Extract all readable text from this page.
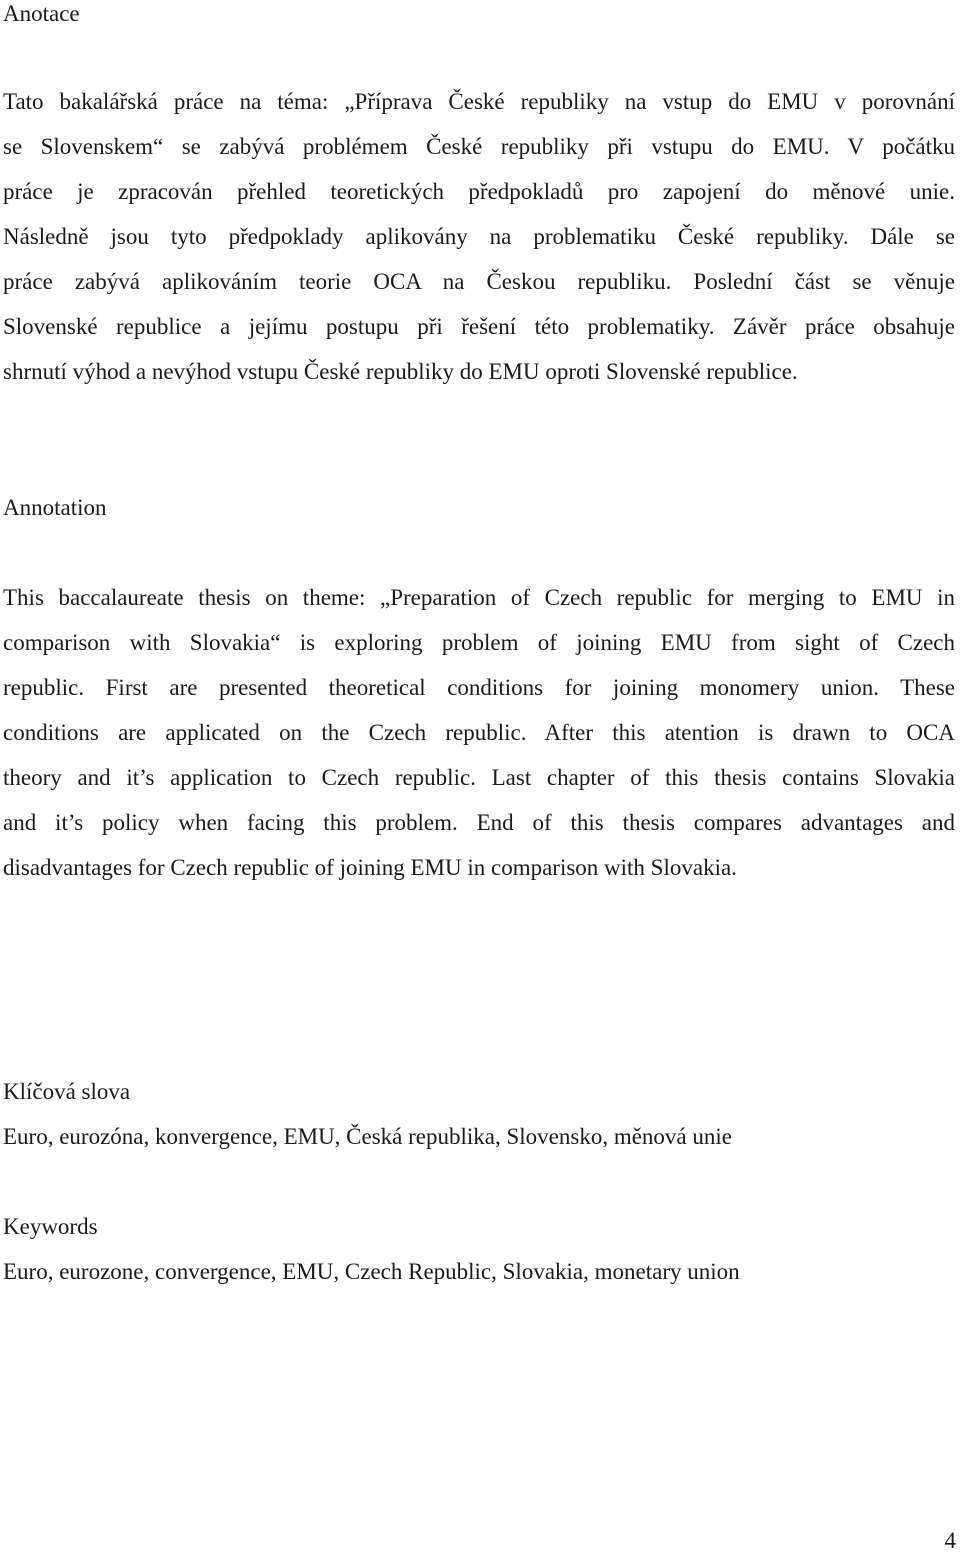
Anotace
Tato bakalářská práce na téma: „Příprava České republiky na vstup do EMU v porovnání
se Slovenskem“ se zabývá problémem České republiky při vstupu do EMU. V počátku
práce je zpracován přehled teoretických předpokladů pro zapojení do měnové unie.
Následně jsou tyto předpoklady aplikovány na problematiku České republiky. Dále se
práce zabývá aplikováním teorie OCA na Českou republiku. Poslední část se věnuje
Slovenské republice a jejímu postupu při řešení této problematiky. Závěr práce obsahuje
shrnutí výhod a nevýhod vstupu České republiky do EMU oproti Slovenské republice.
Annotation
This baccalaureate thesis on theme: „Preparation of Czech republic for merging to EMU in
comparison with Slovakia“ is exploring problem of joining EMU from sight of Czech
republic. First are presented theoretical conditions for joining monomery union. These
conditions are applicated on the Czech republic. After this atention is drawn to OCA
theory and it’s application to Czech republic. Last chapter of this thesis contains Slovakia
and it’s policy when facing this problem. End of this thesis compares advantages and
disadvantages for Czech republic of joining EMU in comparison with Slovakia.
Klíčová slova

Euro, eurozóna, konvergence, EMU, Česká republika, Slovensko, měnová unie

Keywords

Euro, eurozone, convergence, EMU, Czech Republic, Slovakia, monetary union

4
